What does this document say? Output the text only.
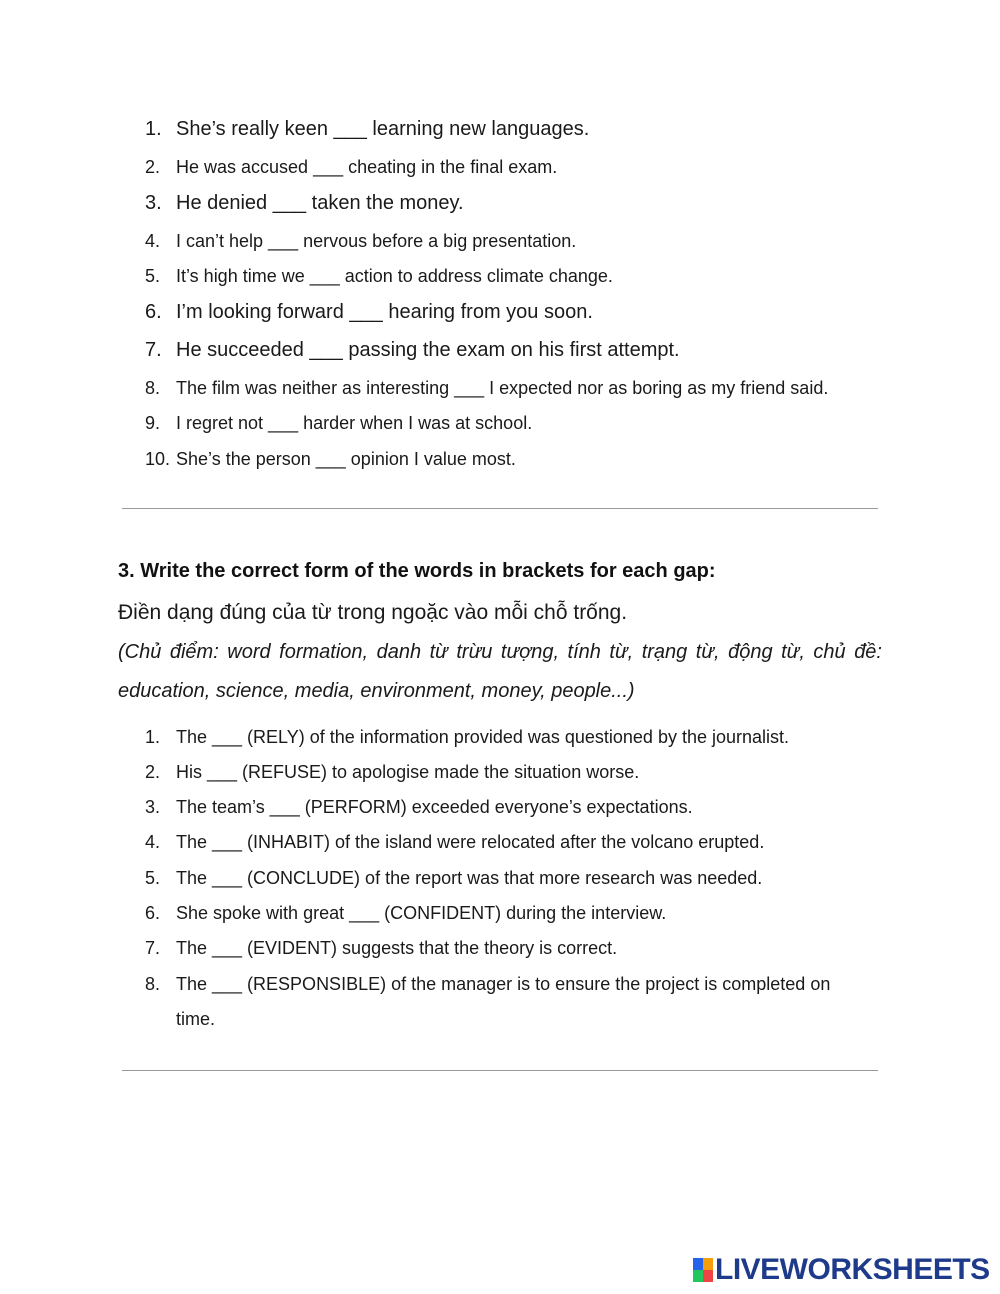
1. She’s really keen ___ learning new languages.
2. He was accused ___ cheating in the final exam.
3. He denied ___ taken the money.
4. I can’t help ___ nervous before a big presentation.
5. It’s high time we ___ action to address climate change.
6. I’m looking forward ___ hearing from you soon.
7. He succeeded ___ passing the exam on his first attempt.
8. The film was neither as interesting ___ I expected nor as boring as my friend said.
9. I regret not ___ harder when I was at school.
10. She’s the person ___ opinion I value most.
3. Write the correct form of the words in brackets for each gap:
Điền dạng đúng của từ trong ngoặc vào mỗi chỗ trống.
(Chủ điểm: word formation, danh từ trừu tượng, tính từ, trạng từ, động từ, chủ đề:
education, science, media, environment, money, people...)
1. The ___ (RELY) of the information provided was questioned by the journalist.
2. His ___ (REFUSE) to apologise made the situation worse.
3. The team’s ___ (PERFORM) exceeded everyone’s expectations.
4. The ___ (INHABIT) of the island were relocated after the volcano erupted.
5. The ___ (CONCLUDE) of the report was that more research was needed.
6. She spoke with great ___ (CONFIDENT) during the interview.
7. The ___ (EVIDENT) suggests that the theory is correct.
8. The ___ (RESPONSIBLE) of the manager is to ensure the project is completed on
time.
LIVEWORKSHEETS
